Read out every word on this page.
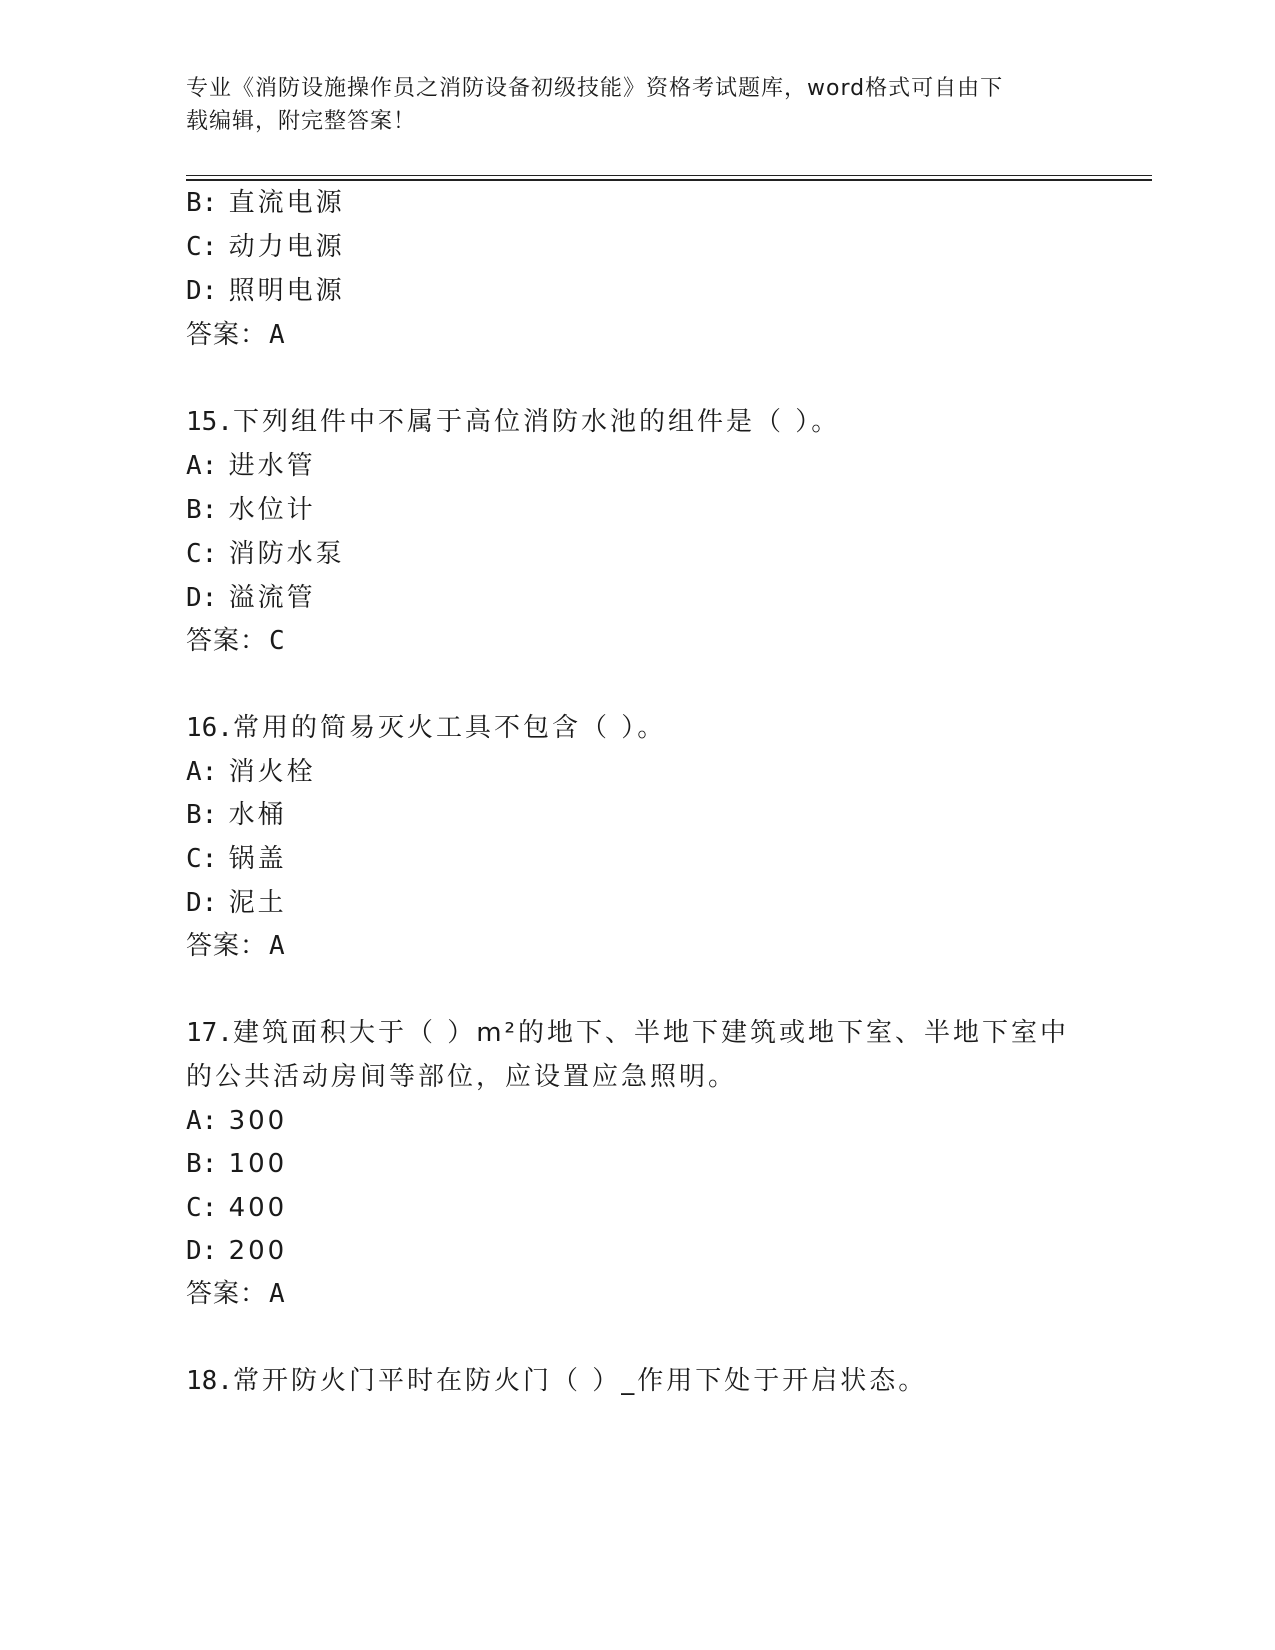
专业《消防设施操作员之消防设备初级技能》资格考试题库，word格式可自由下
载编辑，附完整答案！
B: 直流电源
C: 动力电源
D: 照明电源
答案：A
15.下列组件中不属于高位消防水池的组件是（ ）。
A: 进水管
B: 水位计
C: 消防水泵
D: 溢流管
答案：C
16.常用的简易灭火工具不包含（ ）。
A: 消火栓
B: 水桶
C: 锅盖
D: 泥土
答案：A
17.建筑面积大于（ ）m²的地下、半地下建筑或地下室、半地下室中
的公共活动房间等部位，应设置应急照明。
A: 300
B: 100
C: 400
D: 200
答案：A
18.常开防火门平时在防火门（ ）_作用下处于开启状态。
